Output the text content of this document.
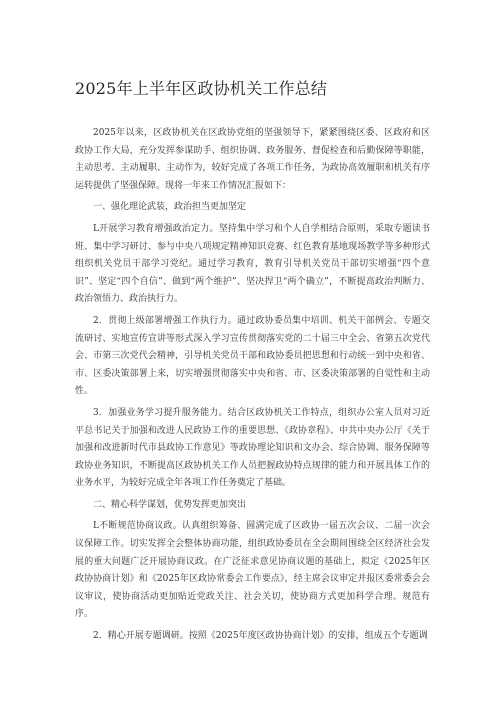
2025年上半年区政协机关工作总结

2025年以来，区政协机关在区政协党组的坚强领导下，紧紧围绕区委、区政府和区政协工作大局，充分发挥参谋助手、组织协调、政务服务、督促检查和后勤保障等职能，主动思考、主动履职、主动作为，较好完成了各项工作任务，为政协高效履职和机关有序运转提供了坚强保障。现将一年来工作情况汇报如下：

一、强化理论武装，政治担当更加坚定

L开展学习教育增强政治定力。坚持集中学习和个人自学相结合原则，采取专题读书班、集中学习研讨、参与中央八项规定精神知识竞赛、红色教育基地现场教学等多种形式组织机关党员干部学习党纪。通过学习教育，教育引导机关党员干部切实增强“四个意识”、坚定“四个自信”、做到“两个维护”、坚决捍卫“两个确立”，不断提高政治判断力、政治领悟力、政治执行力。

2．贯彻上级部署增强工作执行力。通过政协委员集中培训、机关干部例会、专题交流研讨、实地宣传宣讲等形式深入学习宣传贯彻落实党的二十届三中全会、省第五次党代会、市第三次党代会精神，引导机关党员干部和政协委员把思想和行动统一到中央和省、市、区委决策部署上来，切实增强贯彻落实中央和省、市、区委决策部署的自觉性和主动性。

3．加强业务学习提升服务能力。结合区政协机关工作特点，组织办公室人员对习近平总书记关于加强和改进人民政协工作的重要思想、《政协章程》、中共中央办公厅《关于加强和改进新时代市县政协工作意见》等政协理论知识和文办会、综合协调、服务保障等政协业务知识，不断提高区政协机关工作人员把握政协特点规律的能力和开展具体工作的业务水平，为较好完成全年各项工作任务奠定了基础。

二、精心科学谋划，优势发挥更加突出

L不断规范协商议政。认真组织筹备、圆满完成了区政协一届五次会议、二届一次会议保障工作。切实发挥全会整体协商功能，组织政协委员在全会期间围绕全区经济社会发展的重大问题广泛开展协商议政。在广泛征求意见协商议题的基础上，拟定《2025年区政协协商计划》和《2025年区政协常委会工作要点》，经主席会议审定并报区委常委会会议审议，使协商活动更加贴近党政关注、社会关切，使协商方式更加科学合理、规范有序。

2．精心开展专题调研。按照《2025年度区政协协商计划》的安排，组成五个专题调
